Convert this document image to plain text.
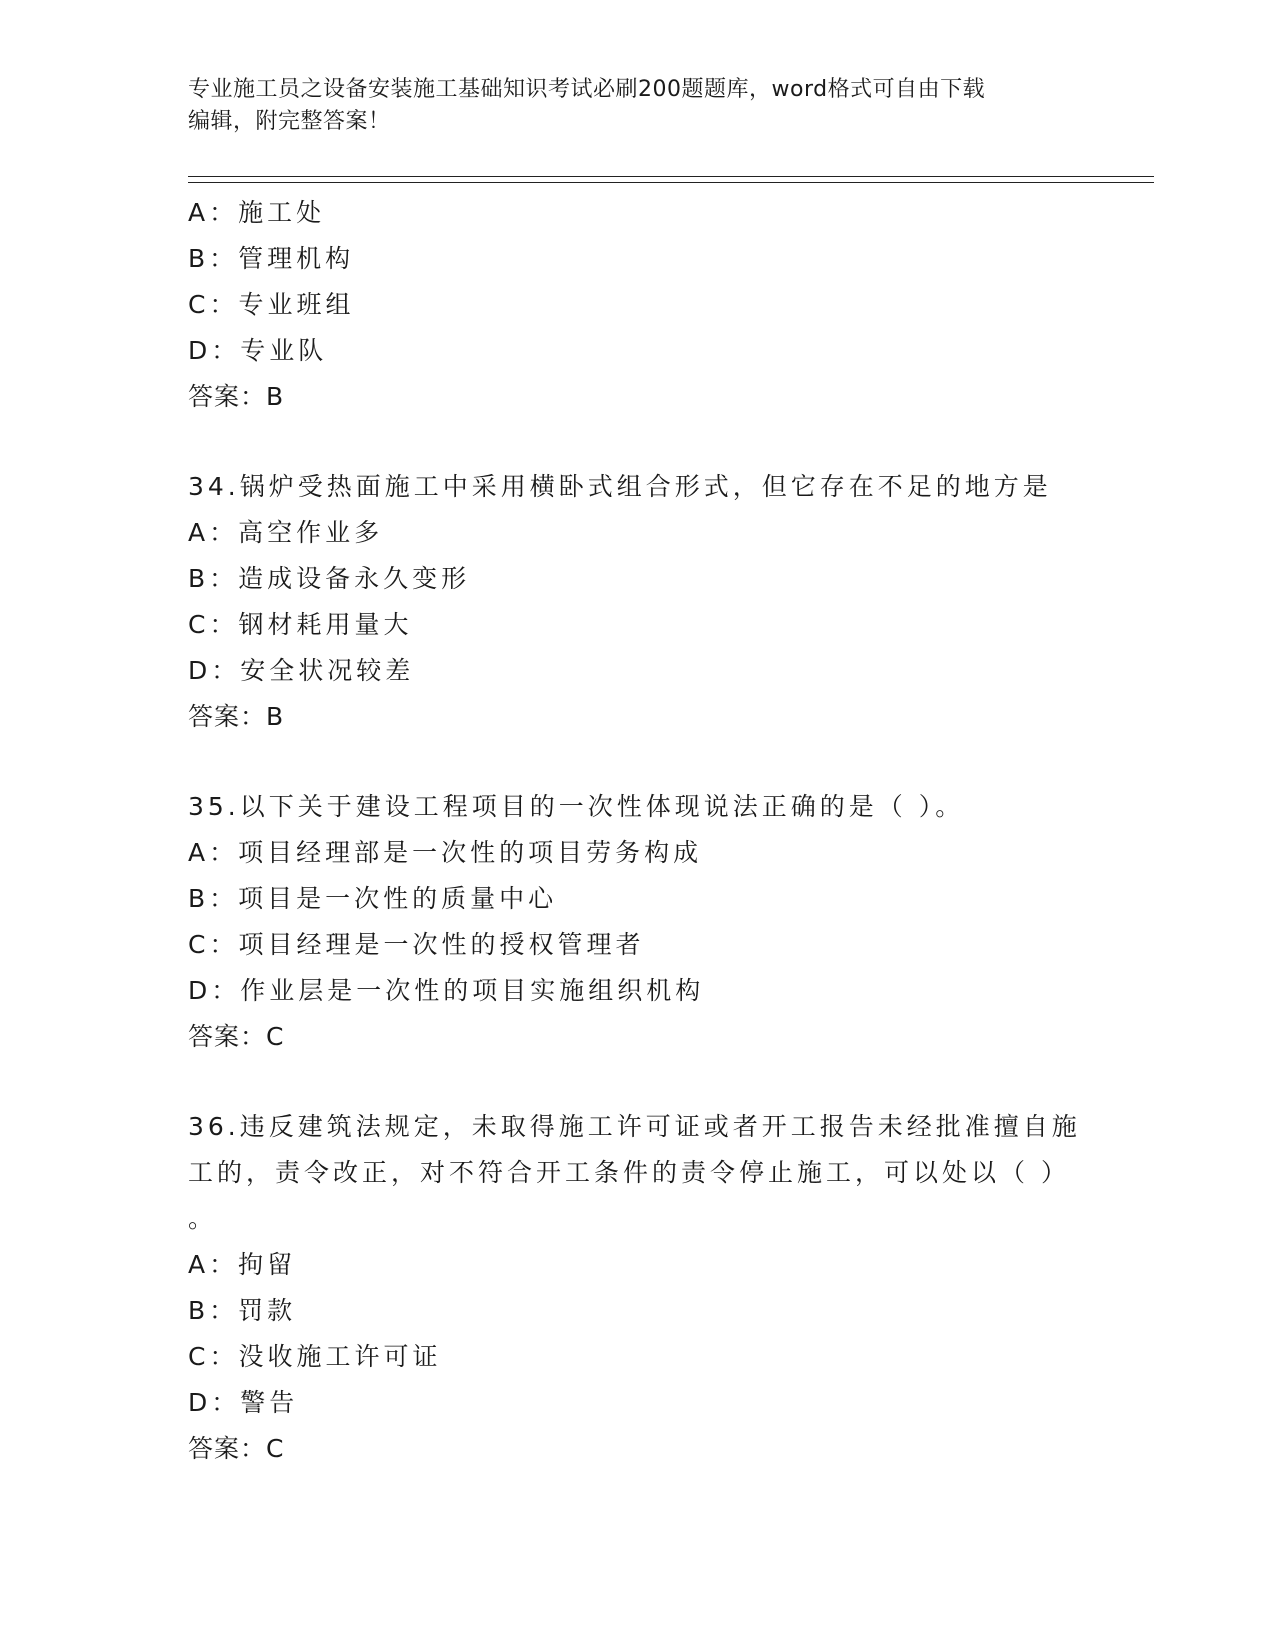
专业施工员之设备安装施工基础知识考试必刷200题题库，word格式可自由下载
编辑，附完整答案！
A：施工处
B：管理机构
C：专业班组
D：专业队
答案：B
34.锅炉受热面施工中采用横卧式组合形式，但它存在不足的地方是
A：高空作业多
B：造成设备永久变形
C：钢材耗用量大
D：安全状况较差
答案：B
35.以下关于建设工程项目的一次性体现说法正确的是（ ）。
A：项目经理部是一次性的项目劳务构成
B：项目是一次性的质量中心
C：项目经理是一次性的授权管理者
D：作业层是一次性的项目实施组织机构
答案：C
36.违反建筑法规定，未取得施工许可证或者开工报告未经批准擅自施
工的，责令改正，对不符合开工条件的责令停止施工，可以处以（ ）
。
A：拘留
B：罚款
C：没收施工许可证
D：警告
答案：C
